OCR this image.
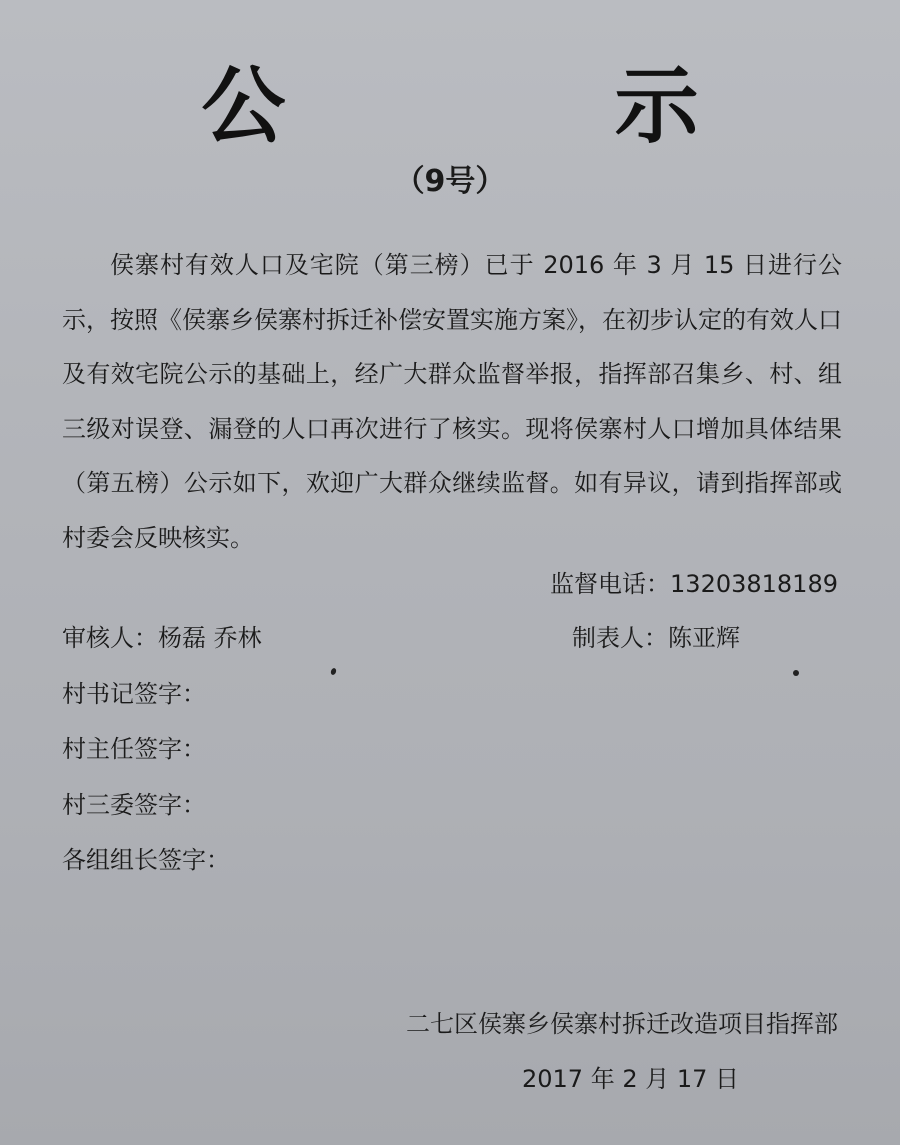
公 示
（9号）

侯寨村有效人口及宅院（第三榜）已于 2016 年 3 月 15 日进行公示，按照《侯寨乡侯寨村拆迁补偿安置实施方案》，在初步认定的有效人口及有效宅院公示的基础上，经广大群众监督举报，指挥部召集乡、村、组三级对误登、漏登的人口再次进行了核实。现将侯寨村人口增加具体结果（第五榜）公示如下，欢迎广大群众继续监督。如有异议，请到指挥部或村委会反映核实。

监督电话：13203818189
审核人：杨磊 乔林	制表人：陈亚辉
村书记签字：
村主任签字：
村三委签字：
各组组长签字：
二七区侯寨乡侯寨村拆迁改造项目指挥部
2017 年 2 月 17 日
